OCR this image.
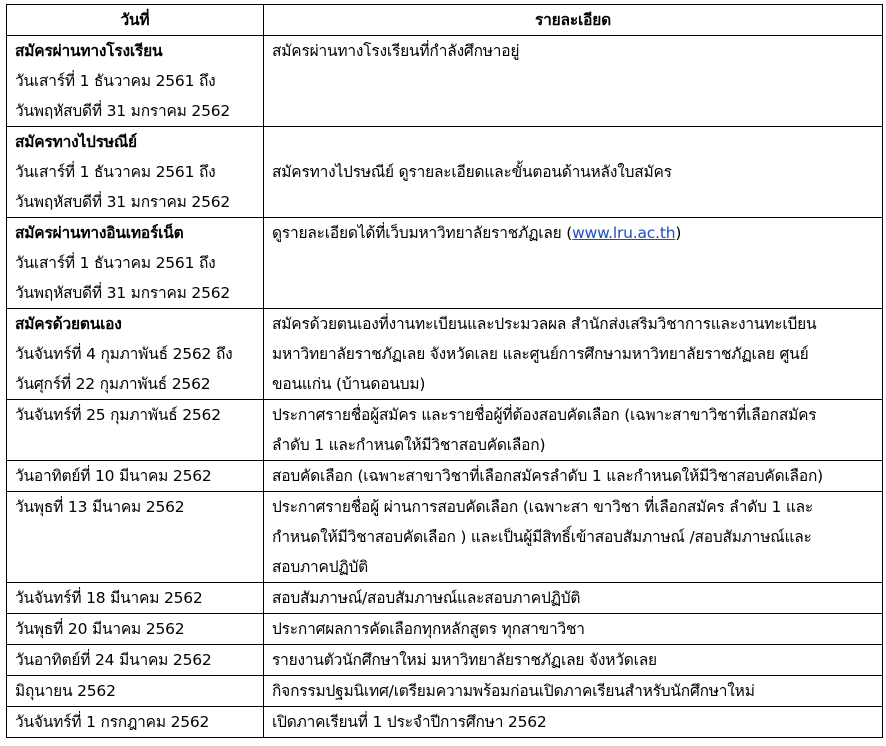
วันที่	รายละเอียด

สมัครผ่านทางโรงเรียน
วันเสาร์ที่ 1 ธันวาคม 2561 ถึง
วันพฤหัสบดีที่ 31 มกราคม 2562	สมัครผ่านทางโรงเรียนที่กำลังศึกษาอยู่

สมัครทางไปรษณีย์
วันเสาร์ที่ 1 ธันวาคม 2561 ถึง
วันพฤหัสบดีที่ 31 มกราคม 2562	สมัครทางไปรษณีย์ ดูรายละเอียดและขั้นตอนด้านหลังใบสมัคร

สมัครผ่านทางอินเทอร์เน็ต
วันเสาร์ที่ 1 ธันวาคม 2561 ถึง
วันพฤหัสบดีที่ 31 มกราคม 2562	ดูรายละเอียดได้ที่เว็บมหาวิทยาลัยราชภัฏเลย (www.lru.ac.th)

สมัครด้วยตนเอง
วันจันทร์ที่ 4 กุมภาพันธ์ 2562 ถึง
วันศุกร์ที่ 22 กุมภาพันธ์ 2562	สมัครด้วยตนเองที่งานทะเบียนและประมวลผล สำนักส่งเสริมวิชาการและงานทะเบียน
มหาวิทยาลัยราชภัฏเลย จังหวัดเลย และศูนย์การศึกษามหาวิทยาลัยราชภัฏเลย ศูนย์
ขอนแก่น (บ้านดอนบม)

วันจันทร์ที่ 25 กุมภาพันธ์ 2562	ประกาศรายชื่อผู้สมัคร และรายชื่อผู้ที่ต้องสอบคัดเลือก (เฉพาะสาขาวิชาที่เลือกสมัคร
ลำดับ 1 และกำหนดให้มีวิชาสอบคัดเลือก)

วันอาทิตย์ที่ 10 มีนาคม 2562	สอบคัดเลือก (เฉพาะสาขาวิชาที่เลือกสมัครลำดับ 1 และกำหนดให้มีวิชาสอบคัดเลือก)
วันพุธที่ 13 มีนาคม 2562	ประกาศรายชื่อผู้ ผ่านการสอบคัดเลือก (เฉพาะสา ขาวิชา ที่เลือกสมัคร ลำดับ 1 และ
กำหนดให้มีวิชาสอบคัดเลือก ) และเป็นผู้มีสิทธิ์เข้าสอบสัมภาษณ์ /สอบสัมภาษณ์และ
สอบภาคปฏิบัติ

วันจันทร์ที่ 18 มีนาคม 2562	สอบสัมภาษณ์/สอบสัมภาษณ์และสอบภาคปฏิบัติ
วันพุธที่ 20 มีนาคม 2562	ประกาศผลการคัดเลือกทุกหลักสูตร ทุกสาขาวิชา
วันอาทิตย์ที่ 24 มีนาคม 2562	รายงานตัวนักศึกษาใหม่ มหาวิทยาลัยราชภัฏเลย จังหวัดเลย
มิถุนายน 2562	กิจกรรมปฐมนิเทศ/เตรียมความพร้อมก่อนเปิดภาคเรียนสำหรับนักศึกษาใหม่
วันจันทร์ที่ 1 กรกฎาคม 2562	เปิดภาคเรียนที่ 1 ประจำปีการศึกษา 2562
